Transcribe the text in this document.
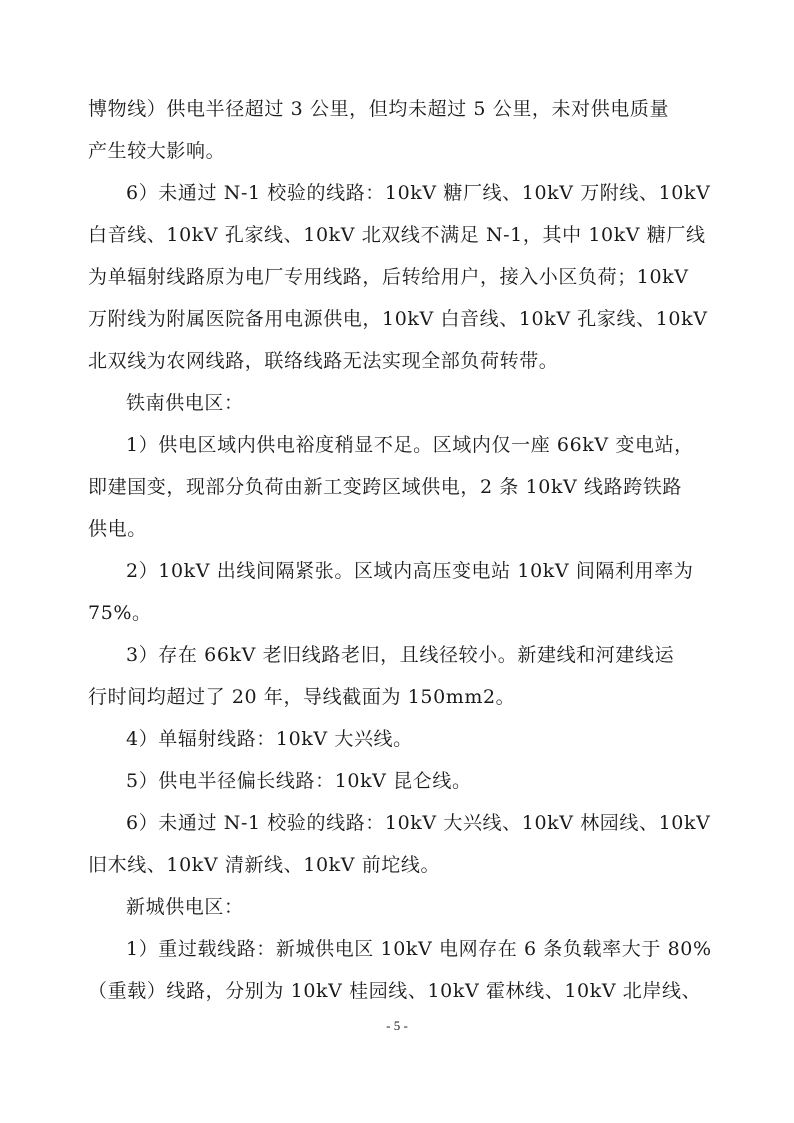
博物线）供电半径超过 3 公里，但均未超过 5 公里，未对供电质量
产生较大影响。
6）未通过 N-1 校验的线路：10kV 糖厂线、10kV 万附线、10kV
白音线、10kV 孔家线、10kV 北双线不满足 N-1，其中 10kV 糖厂线
为单辐射线路原为电厂专用线路，后转给用户，接入小区负荷；10kV
万附线为附属医院备用电源供电，10kV 白音线、10kV 孔家线、10kV
北双线为农网线路，联络线路无法实现全部负荷转带。
铁南供电区：
1）供电区域内供电裕度稍显不足。区域内仅一座 66kV 变电站，
即建国变，现部分负荷由新工变跨区域供电，2 条 10kV 线路跨铁路
供电。
2）10kV 出线间隔紧张。区域内高压变电站 10kV 间隔利用率为
75%。
3）存在 66kV 老旧线路老旧，且线径较小。新建线和河建线运
行时间均超过了 20 年，导线截面为 150mm2。
4）单辐射线路：10kV 大兴线。
5）供电半径偏长线路：10kV 昆仑线。
6）未通过 N-1 校验的线路：10kV 大兴线、10kV 林园线、10kV
旧木线、10kV 清新线、10kV 前坨线。
新城供电区：
1）重过载线路：新城供电区 10kV 电网存在 6 条负载率大于 80%
（重载）线路，分别为 10kV 桂园线、10kV 霍林线、10kV 北岸线、
- 5 -
